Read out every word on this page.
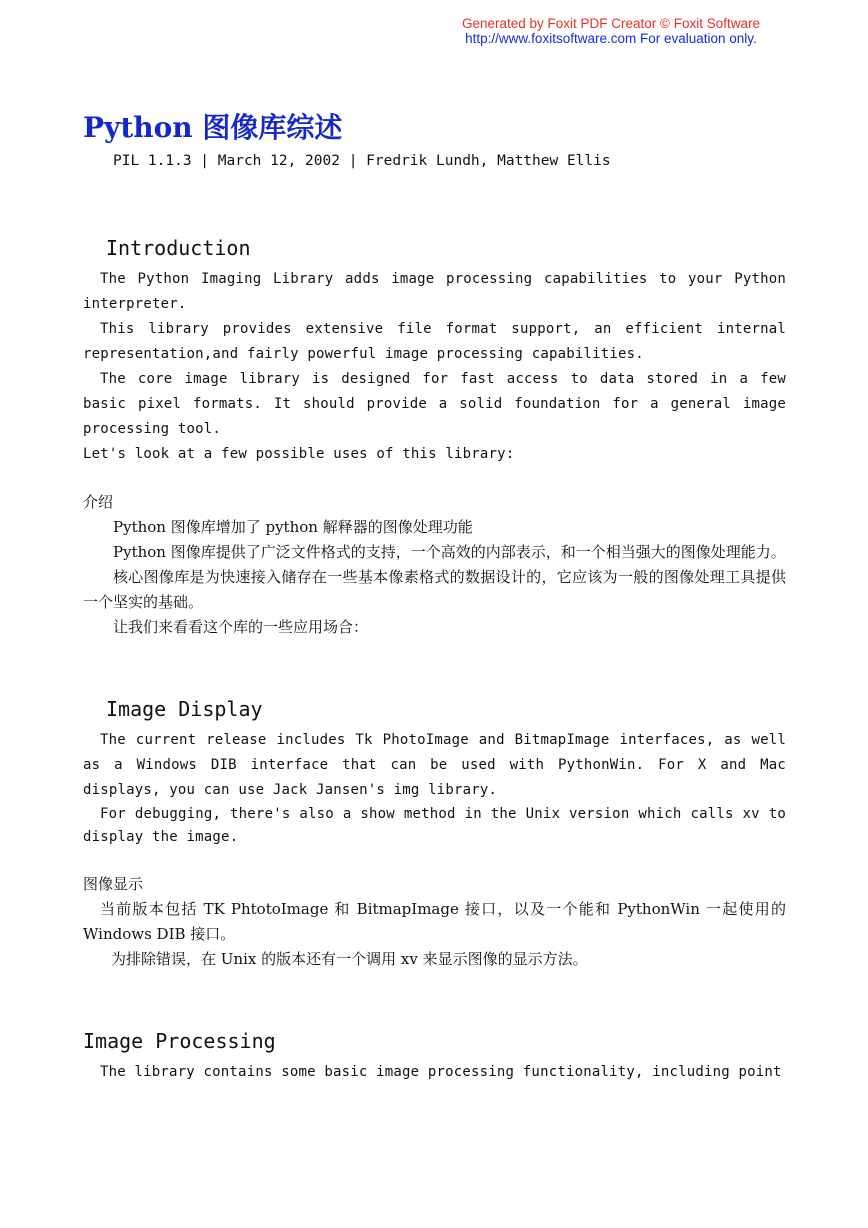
Generated by Foxit PDF Creator © Foxit Software
http://www.foxitsoftware.com For evaluation only.
Python 图像库综述

PIL 1.1.3 | March 12, 2002 | Fredrik Lundh, Matthew Ellis

Introduction

The Python Imaging Library adds image processing capabilities to your Python interpreter.

This library provides extensive file format support, an efficient internal representation,and fairly powerful image processing capabilities.

The core image library is designed for fast access to data stored in a few basic pixel formats. It should provide a solid foundation for a general image processing tool.

Let's look at a few possible uses of this library:

介绍

Python 图像库增加了 python 解释器的图像处理功能

Python 图像库提供了广泛文件格式的支持，一个高效的内部表示，和一个相当强大的图像处理能力。

核心图像库是为快速接入储存在一些基本像素格式的数据设计的，它应该为一般的图像处理工具提供一个坚实的基础。

让我们来看看这个库的一些应用场合：

Image Display

The current release includes Tk PhotoImage and BitmapImage interfaces, as well as a Windows DIB interface that can be used with PythonWin. For X and Mac displays, you can use Jack Jansen's img library.

For debugging, there's also a show method in the Unix version which calls xv to display the image.

图像显示

当前版本包括 TK PhtotoImage 和 BitmapImage 接口，以及一个能和 PythonWin 一起使用的 Windows DIB 接口。

为排除错误，在 Unix 的版本还有一个调用 xv 来显示图像的显示方法。

Image Processing

The library contains some basic image processing functionality, including point
